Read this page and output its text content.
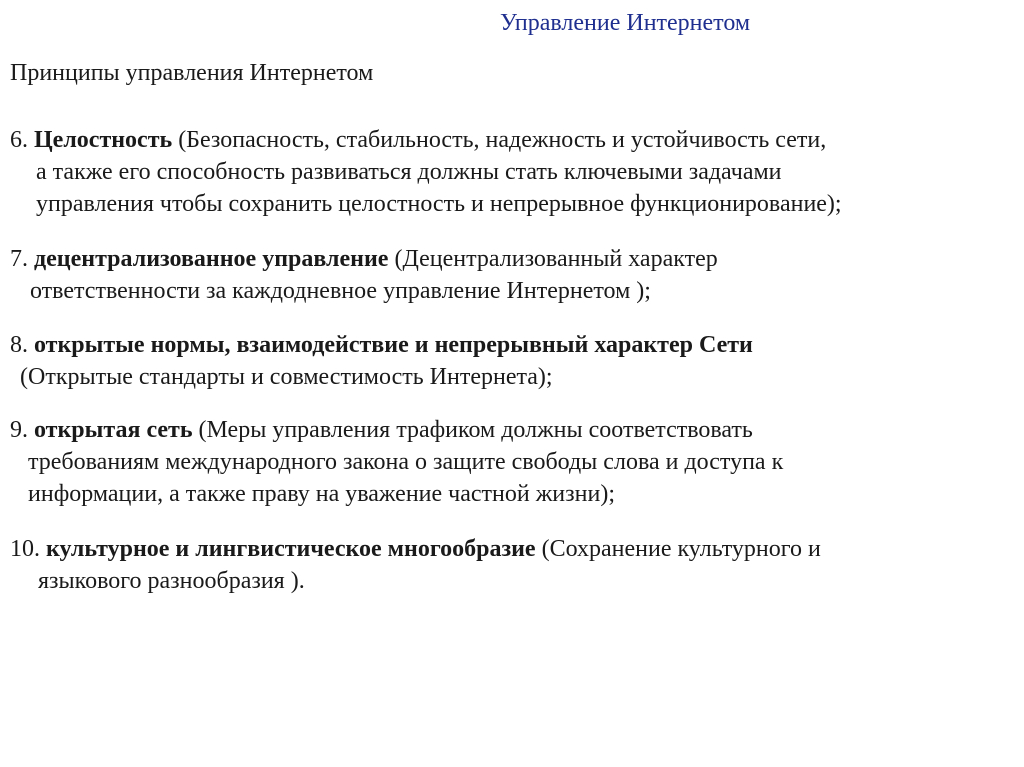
Управление Интернетом
Принципы управления Интернетом
6. Целостность (Безопасность, стабильность, надежность и устойчивость сети,
а также его способность развиваться должны стать ключевыми задачами
управления чтобы сохранить целостность и непрерывное функционирование);
7. децентрализованное управление (Децентрализованный характер
ответственности за каждодневное управление Интернетом );
8. открытые нормы, взаимодействие и непрерывный характер Сети
(Открытые стандарты и совместимость Интернета);
9. открытая сеть (Меры управления трафиком должны соответствовать
требованиям международного закона о защите свободы слова и доступа к
информации, а также праву на уважение частной жизни);
10. культурное и лингвистическое многообразие (Сохранение культурного и
языкового разнообразия ).
